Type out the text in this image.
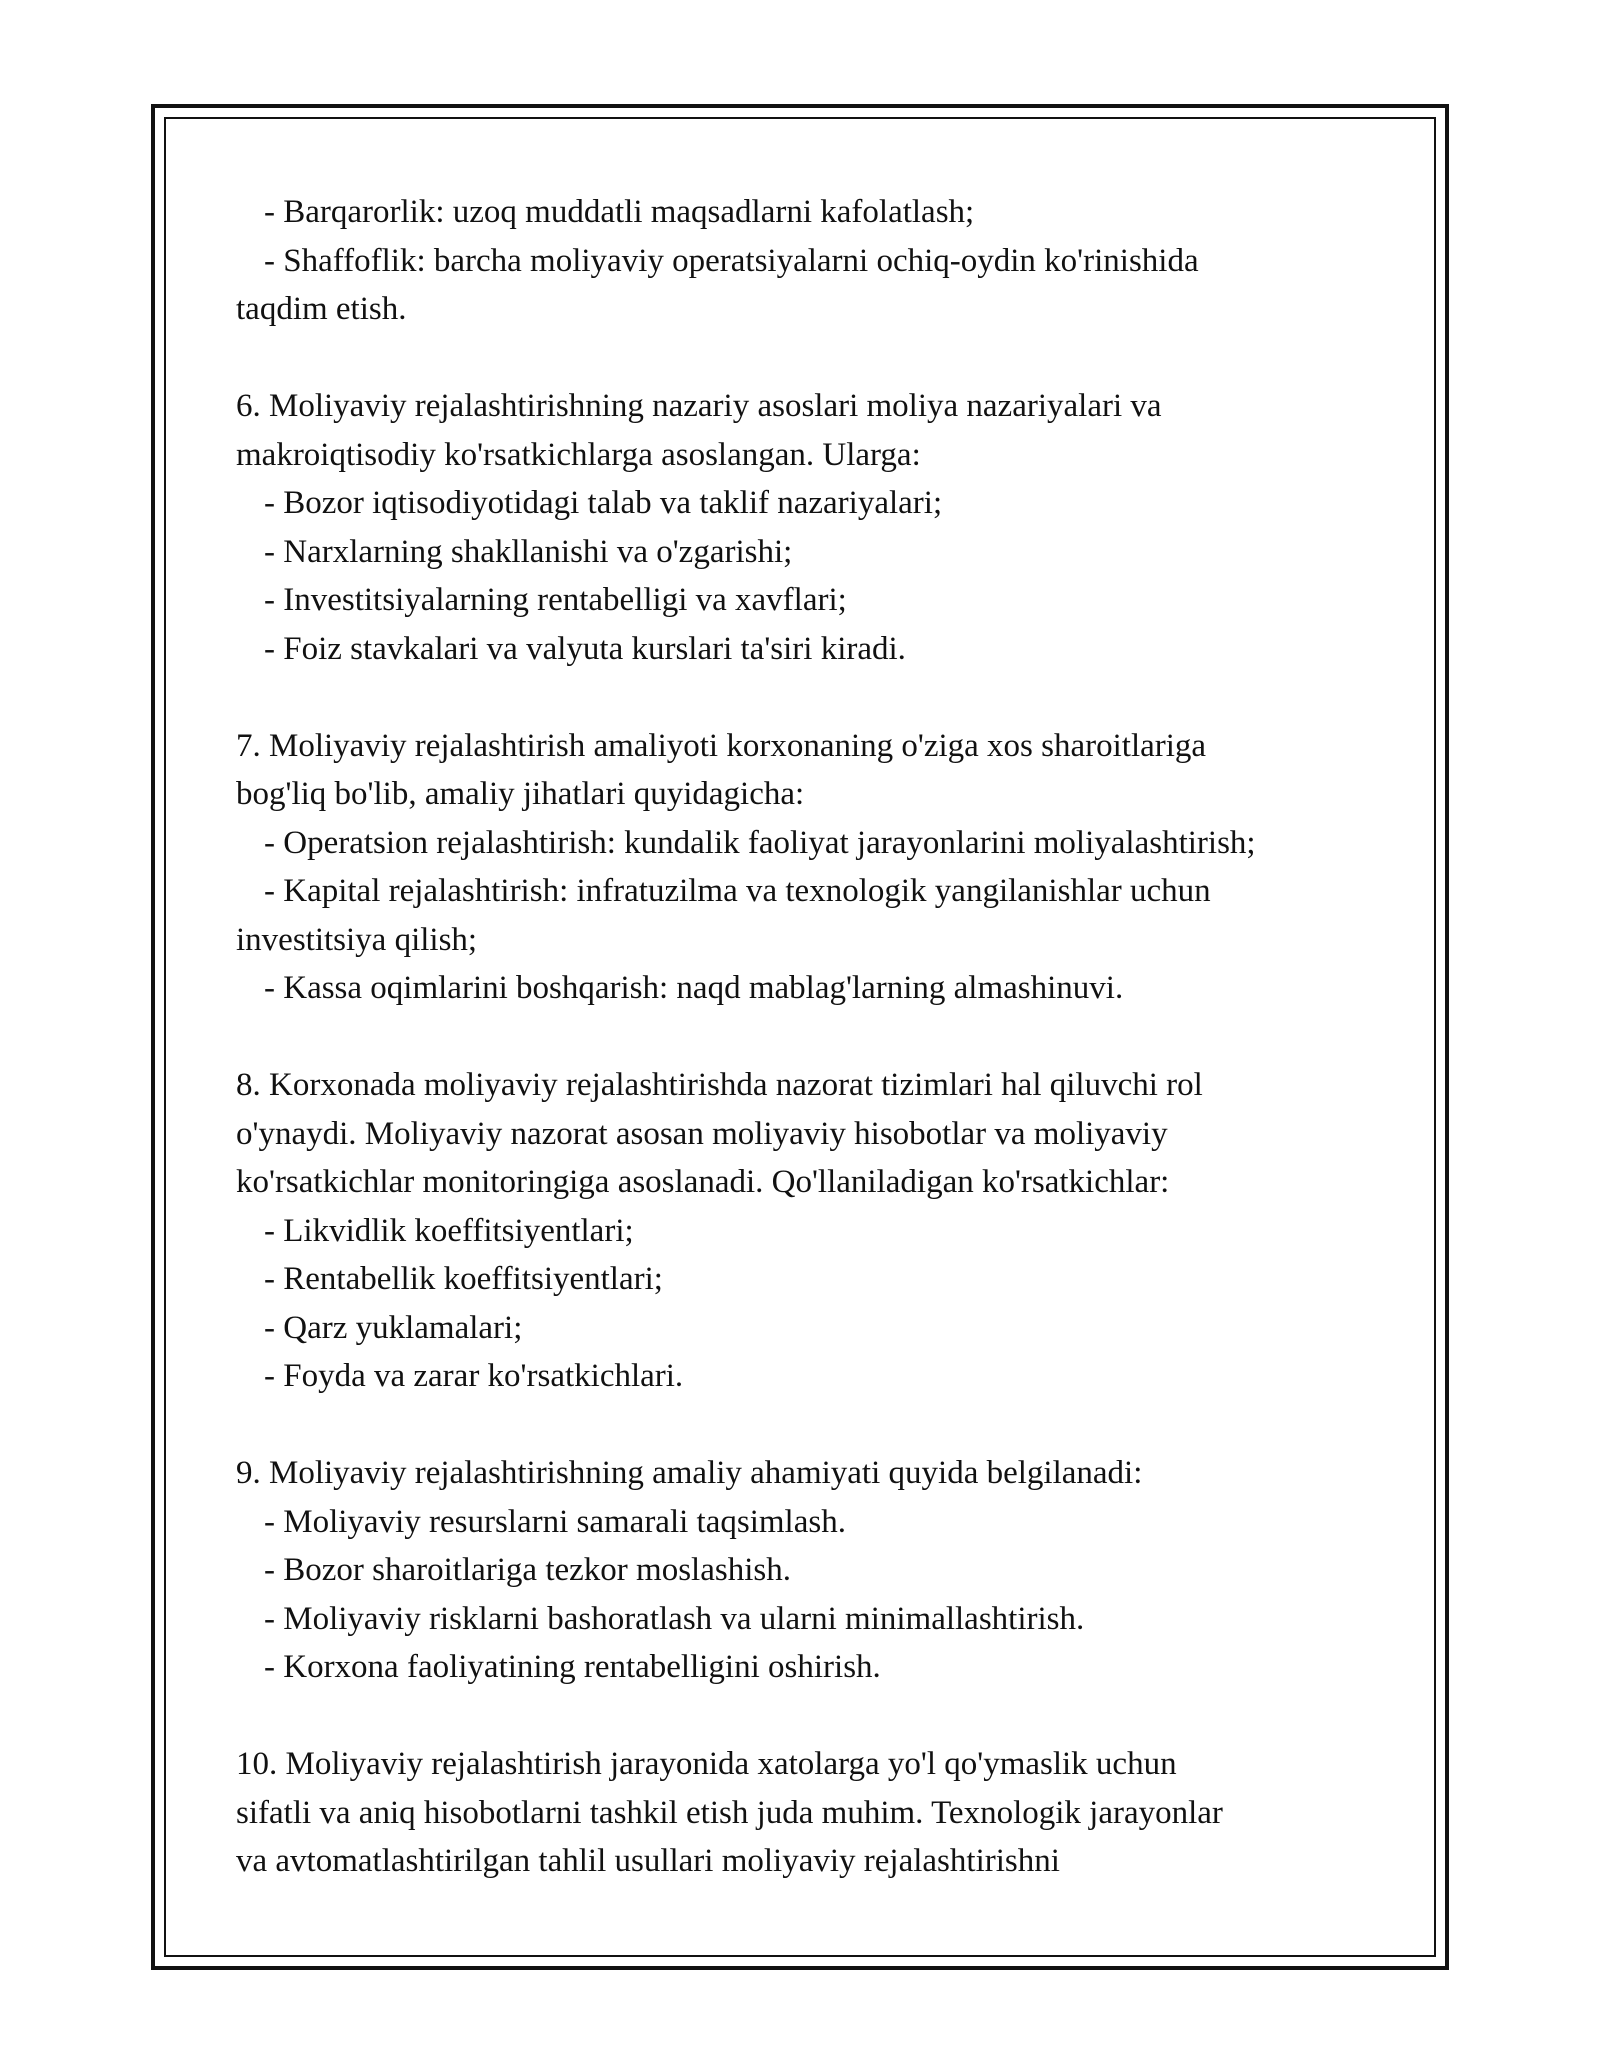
- Barqarorlik: uzoq muddatli maqsadlarni kafolatlash;
- Shaffoflik: barcha moliyaviy operatsiyalarni ochiq-oydin ko'rinishida
taqdim etish.
6. Moliyaviy rejalashtirishning nazariy asoslari moliya nazariyalari va
makroiqtisodiy ko'rsatkichlarga asoslangan. Ularga:
- Bozor iqtisodiyotidagi talab va taklif nazariyalari;
- Narxlarning shakllanishi va o'zgarishi;
- Investitsiyalarning rentabelligi va xavflari;
- Foiz stavkalari va valyuta kurslari ta'siri kiradi.
7. Moliyaviy rejalashtirish amaliyoti korxonaning o'ziga xos sharoitlariga
bog'liq bo'lib, amaliy jihatlari quyidagicha:
- Operatsion rejalashtirish: kundalik faoliyat jarayonlarini moliyalashtirish;
- Kapital rejalashtirish: infratuzilma va texnologik yangilanishlar uchun
investitsiya qilish;
- Kassa oqimlarini boshqarish: naqd mablag'larning almashinuvi.
8. Korxonada moliyaviy rejalashtirishda nazorat tizimlari hal qiluvchi rol
o'ynaydi. Moliyaviy nazorat asosan moliyaviy hisobotlar va moliyaviy
ko'rsatkichlar monitoringiga asoslanadi. Qo'llaniladigan ko'rsatkichlar:
- Likvidlik koeffitsiyentlari;
- Rentabellik koeffitsiyentlari;
- Qarz yuklamalari;
- Foyda va zarar ko'rsatkichlari.
9. Moliyaviy rejalashtirishning amaliy ahamiyati quyida belgilanadi:
- Moliyaviy resurslarni samarali taqsimlash.
- Bozor sharoitlariga tezkor moslashish.
- Moliyaviy risklarni bashoratlash va ularni minimallashtirish.
- Korxona faoliyatining rentabelligini oshirish.
10. Moliyaviy rejalashtirish jarayonida xatolarga yo'l qo'ymaslik uchun
sifatli va aniq hisobotlarni tashkil etish juda muhim. Texnologik jarayonlar
va avtomatlashtirilgan tahlil usullari moliyaviy rejalashtirishni
